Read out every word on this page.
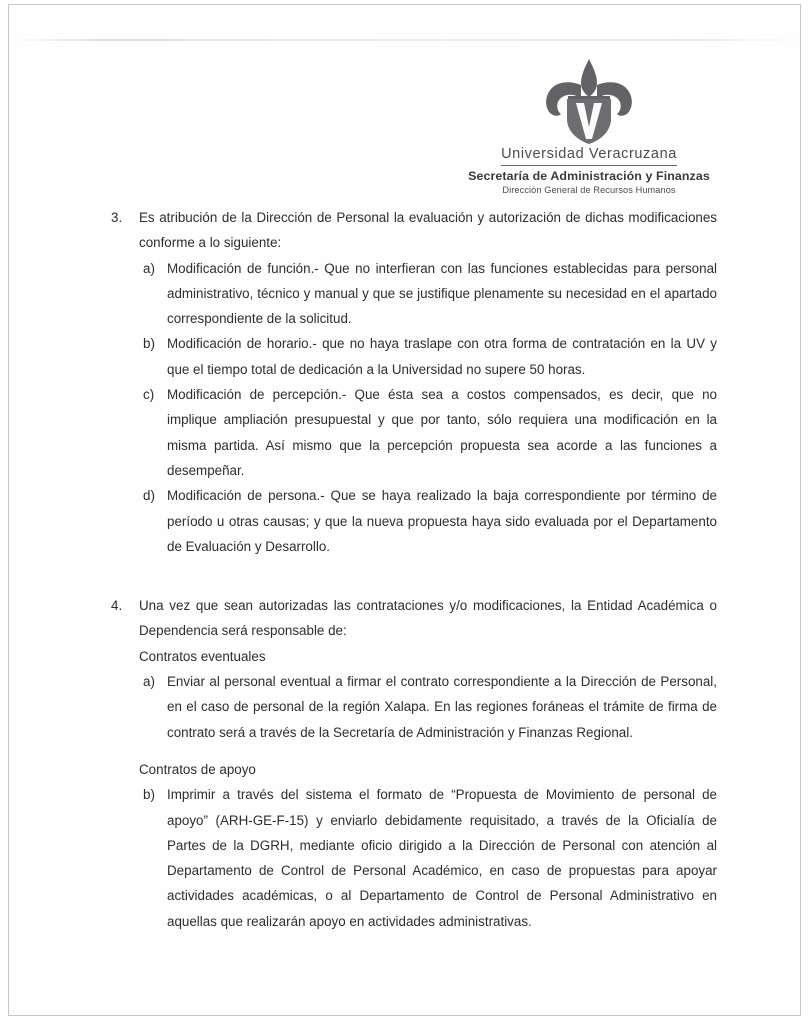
Universidad Veracruzana
Secretaría de Administración y Finanzas
Dirección General de Recursos Humanos

3.	Es atribución de la Dirección de Personal la evaluación y autorización de dichas modificaciones conforme a lo siguiente:

a) Modificación de función.- Que no interfieran con las funciones establecidas para personal administrativo, técnico y manual y que se justifique plenamente su necesidad en el apartado correspondiente de la solicitud.

b) Modificación de horario.- que no haya traslape con otra forma de contratación en la UV y que el tiempo total de dedicación a la Universidad no supere 50 horas.

c) Modificación de percepción.- Que ésta sea a costos compensados, es decir, que no implique ampliación presupuestal y que por tanto, sólo requiera una modificación en la misma partida. Así mismo que la percepción propuesta sea acorde a las funciones a desempeñar.

d) Modificación de persona.- Que se haya realizado la baja correspondiente por término de período u otras causas; y que la nueva propuesta haya sido evaluada por el Departamento de Evaluación y Desarrollo.

4.	Una vez que sean autorizadas las contrataciones y/o modificaciones, la Entidad Académica o Dependencia será responsable de:

Contratos eventuales

a) Enviar al personal eventual a firmar el contrato correspondiente a la Dirección de Personal, en el caso de personal de la región Xalapa. En las regiones foráneas el trámite de firma de contrato será a través de la Secretaría de Administración y Finanzas Regional.

Contratos de apoyo

b) Imprimir a través del sistema el formato de “Propuesta de Movimiento de personal de apoyo” (ARH-GE-F-15) y enviarlo debidamente requisitado, a través de la Oficialía de Partes de la DGRH, mediante oficio dirigido a la Dirección de Personal con atención al Departamento de Control de Personal Académico, en caso de propuestas para apoyar actividades académicas, o al Departamento de Control de Personal Administrativo en aquellas que realizarán apoyo en actividades administrativas.
